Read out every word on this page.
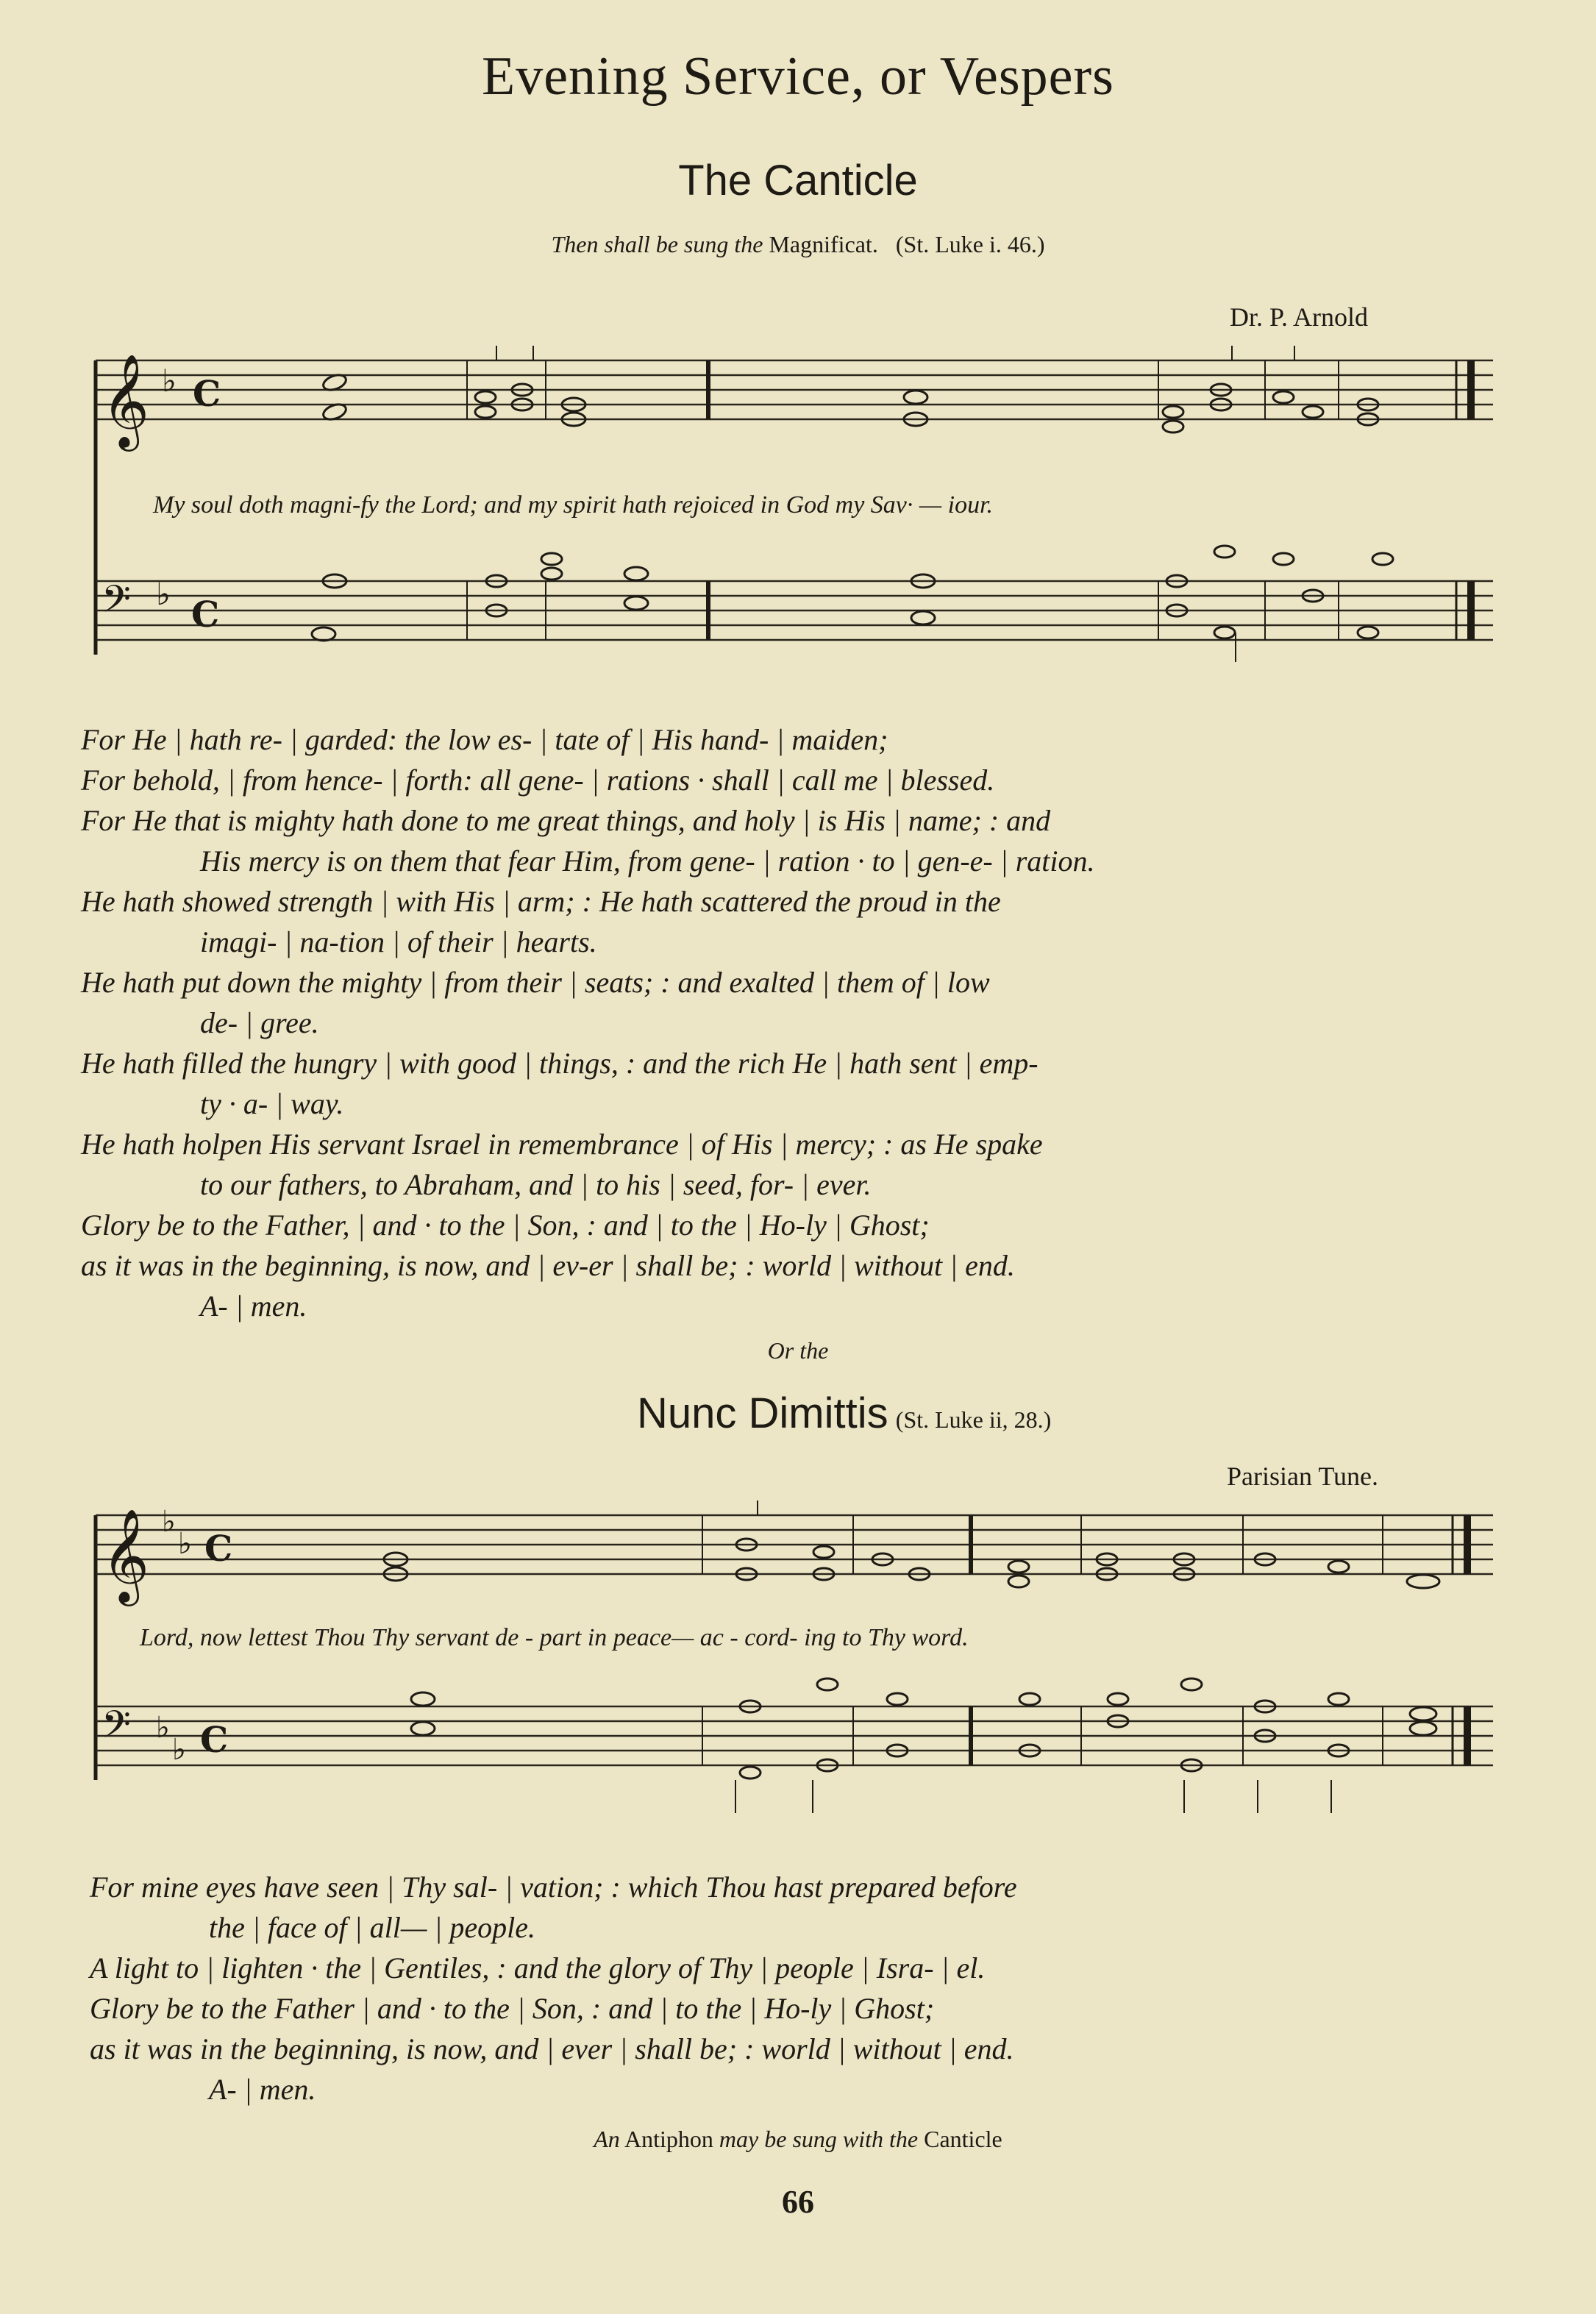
Evening Service, or Vespers
The Canticle
Then shall be sung the Magnificat. (St. Luke i. 46.)
Dr. P. Arnold
𝄞 ♭ C
𝄢 ♭
C
My soul doth magni-fy the Lord; and my spirit hath rejoiced in God my Sav· — iour.
For He | hath re- | garded: the low es- | tate of | His hand- | maiden;
For behold, | from hence- | forth: all gene- | rations · shall | call me | blessed.
For He that is mighty hath done to me great things, and holy | is His | name; : and
His mercy is on them that fear Him, from gene- | ration · to | gen-e- | ration.
He hath showed strength | with His | arm; : He hath scattered the proud in the
imagi- | na-tion | of their | hearts.
He hath put down the mighty | from their | seats; : and exalted | them of | low
de- | gree.
He hath filled the hungry | with good | things, : and the rich He | hath sent | emp-
ty · a- | way.
He hath holpen His servant Israel in remembrance | of His | mercy; : as He spake
to our fathers, to Abraham, and | to his | seed, for- | ever.
Glory be to the Father, | and · to the | Son, : and | to the | Ho-ly | Ghost;
as it was in the beginning, is now, and | ev-er | shall be; : world | without | end.
A- | men.
Or the
Nunc Dimittis (St. Luke ii, 28.)
Parisian Tune.
𝄞 ♭
♭ C
𝄢 ♭
♭ C
Lord, now lettest Thou Thy servant de - part in peace— ac - cord- ing to Thy word.
For mine eyes have seen | Thy sal- | vation; : which Thou hast prepared before
the | face of | all— | people.
A light to | lighten · the | Gentiles, : and the glory of Thy | people | Isra- | el.
Glory be to the Father | and · to the | Son, : and | to the | Ho-ly | Ghost;
as it was in the beginning, is now, and | ever | shall be; : world | without | end.
A- | men.
An Antiphon may be sung with the Canticle
66
